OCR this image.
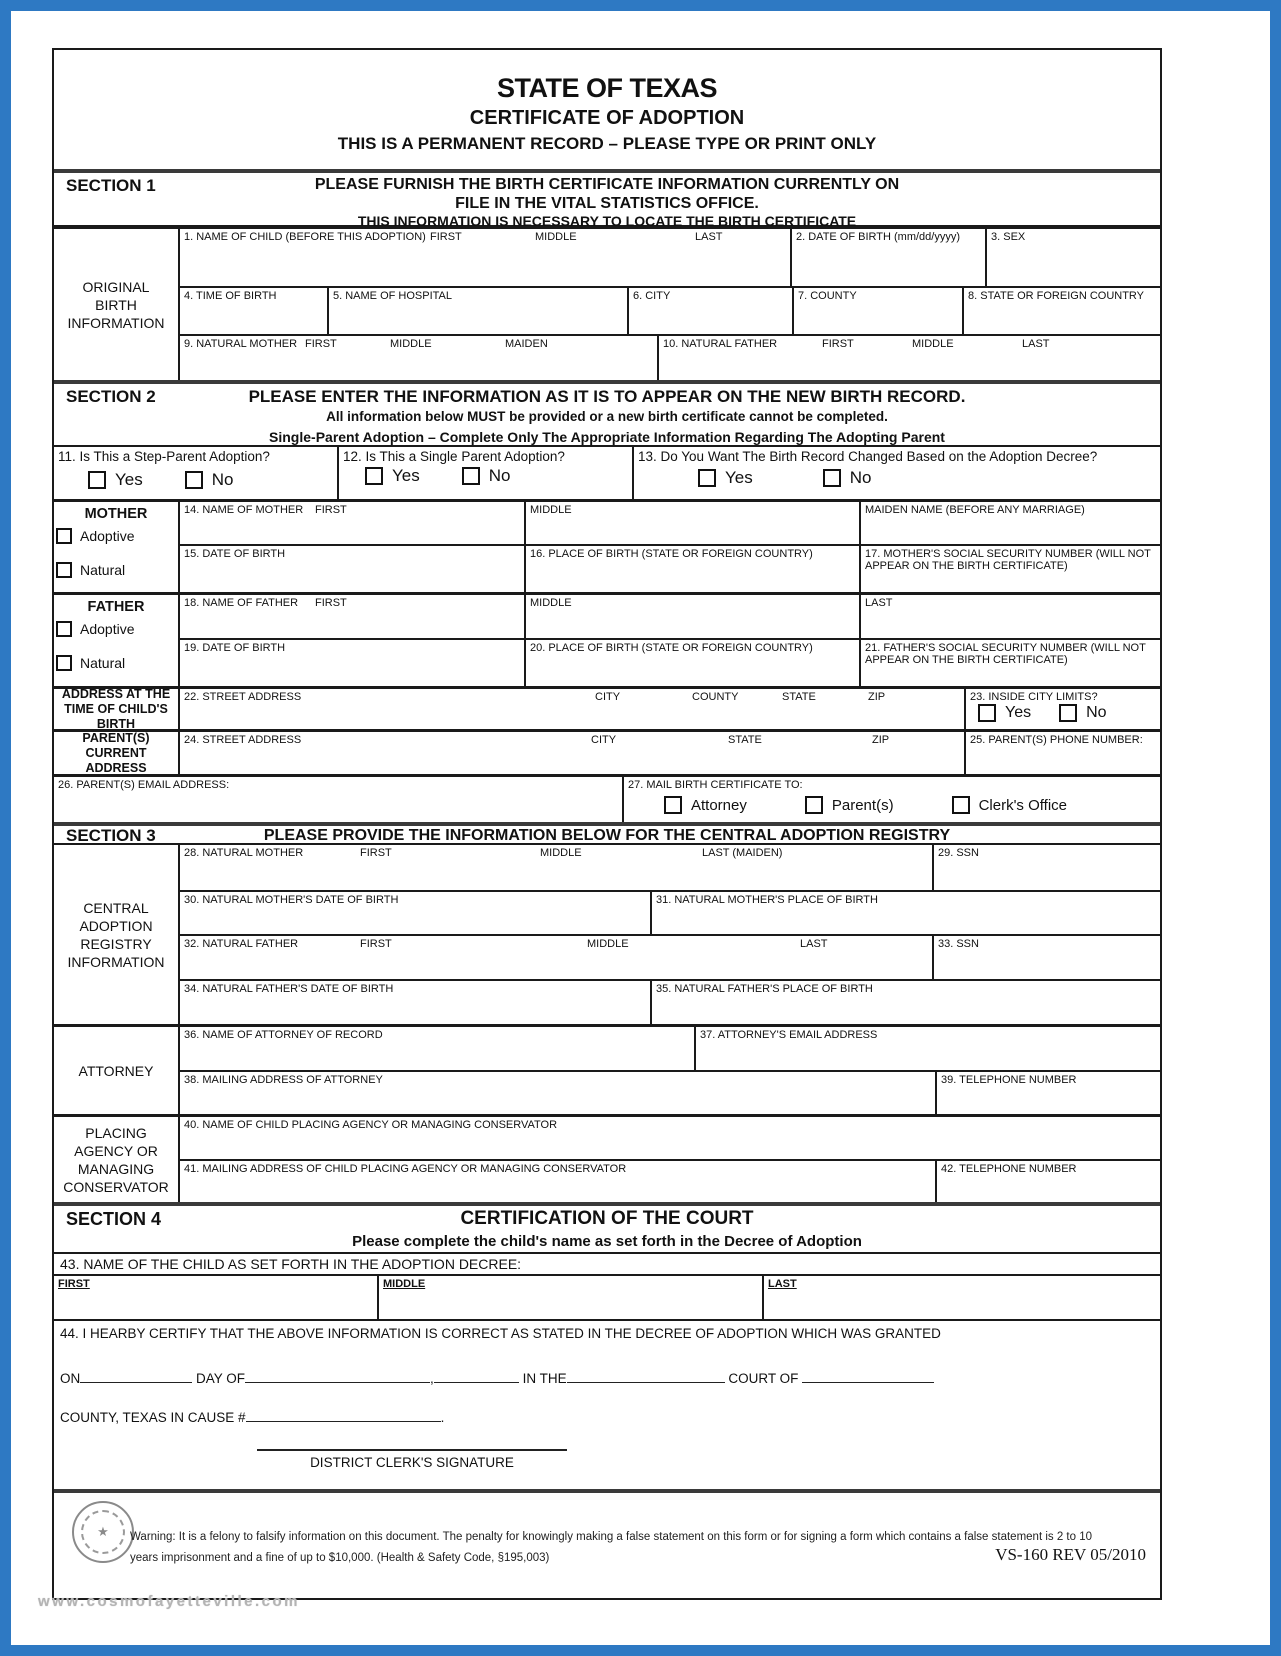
STATE OF TEXAS
CERTIFICATE OF ADOPTION
THIS IS A PERMANENT RECORD – PLEASE TYPE OR PRINT ONLY
SECTION 1	PLEASE FURNISH THE BIRTH CERTIFICATE INFORMATION CURRENTLY ON
FILE IN THE VITAL STATISTICS OFFICE.
THIS INFORMATION IS NECESSARY TO LOCATE THE BIRTH CERTIFICATE
ORIGINAL
BIRTH
INFORMATION
1. NAME OF CHILD (BEFORE THIS ADOPTION) FIRST	MIDDLE	LAST	2. DATE OF BIRTH (mm/dd/yyyy)	3. SEX
4. TIME OF BIRTH	5. NAME OF HOSPITAL	6. CITY	7. COUNTY	8. STATE OR FOREIGN COUNTRY
9. NATURAL MOTHER FIRST	MIDDLE	MAIDEN	10. NATURAL FATHER	FIRST	MIDDLE	LAST
SECTION 2	PLEASE ENTER THE INFORMATION AS IT IS TO APPEAR ON THE NEW BIRTH RECORD.
All information below MUST be provided or a new birth certificate cannot be completed.
Single-Parent Adoption – Complete Only The Appropriate Information Regarding The Adopting Parent
11. Is This a Step-Parent Adoption?
Yes	No
12. Is This a Single Parent Adoption?
Yes	No
13. Do You Want The Birth Record Changed Based on the Adoption Decree?
Yes	No
MOTHER
Adoptive
Natural
14. NAME OF MOTHER FIRST	MIDDLE	MAIDEN NAME (BEFORE ANY MARRIAGE)
15. DATE OF BIRTH	16. PLACE OF BIRTH (STATE OR FOREIGN COUNTRY)	17. MOTHER'S SOCIAL SECURITY NUMBER (WILL NOT APPEAR ON THE BIRTH CERTIFICATE)
FATHER
Adoptive
Natural
18. NAME OF FATHER FIRST	MIDDLE	LAST
19. DATE OF BIRTH	20. PLACE OF BIRTH (STATE OR FOREIGN COUNTRY)	21. FATHER'S SOCIAL SECURITY NUMBER (WILL NOT APPEAR ON THE BIRTH CERTIFICATE)
ADDRESS AT THE
TIME OF CHILD'S
BIRTH
22. STREET ADDRESS	CITY	COUNTY	STATE	ZIP	23. INSIDE CITY LIMITS?
Yes	No
PARENT(S)
CURRENT
ADDRESS
24. STREET ADDRESS	CITY	STATE	ZIP	25. PARENT(S) PHONE NUMBER:
26. PARENT(S) EMAIL ADDRESS:	27. MAIL BIRTH CERTIFICATE TO:
Attorney	Parent(s)	Clerk's Office
SECTION 3	PLEASE PROVIDE THE INFORMATION BELOW FOR THE CENTRAL ADOPTION REGISTRY
CENTRAL
ADOPTION
REGISTRY
INFORMATION
28. NATURAL MOTHER	FIRST	MIDDLE	LAST (MAIDEN)	29. SSN
30. NATURAL MOTHER'S DATE OF BIRTH	31. NATURAL MOTHER'S PLACE OF BIRTH
32. NATURAL FATHER	FIRST	MIDDLE	LAST	33. SSN
34. NATURAL FATHER'S DATE OF BIRTH	35. NATURAL FATHER'S PLACE OF BIRTH
ATTORNEY
36. NAME OF ATTORNEY OF RECORD	37. ATTORNEY'S EMAIL ADDRESS
38. MAILING ADDRESS OF ATTORNEY	39. TELEPHONE NUMBER
PLACING
AGENCY OR
MANAGING
CONSERVATOR
40. NAME OF CHILD PLACING AGENCY OR MANAGING CONSERVATOR
41. MAILING ADDRESS OF CHILD PLACING AGENCY OR MANAGING CONSERVATOR	42. TELEPHONE NUMBER
SECTION 4	CERTIFICATION OF THE COURT
Please complete the child's name as set forth in the Decree of Adoption
43. NAME OF THE CHILD AS SET FORTH IN THE ADOPTION DECREE:
FIRST	MIDDLE	LAST
44. I HEARBY CERTIFY THAT THE ABOVE INFORMATION IS CORRECT AS STATED IN THE DECREE OF ADOPTION WHICH WAS GRANTED
ON	DAY OF	,	IN THE	COURT OF
COUNTY, TEXAS IN CAUSE #	.
DISTRICT CLERK'S SIGNATURE
★	Warning: It is a felony to falsify information on this document. The penalty for knowingly making a false statement on this form or for signing a form which contains a false statement is 2 to 10 years imprisonment and a fine of up to $10,000. (Health & Safety Code, §195,003)	VS-160 REV 05/2010
www.cosmofayetteville.com
